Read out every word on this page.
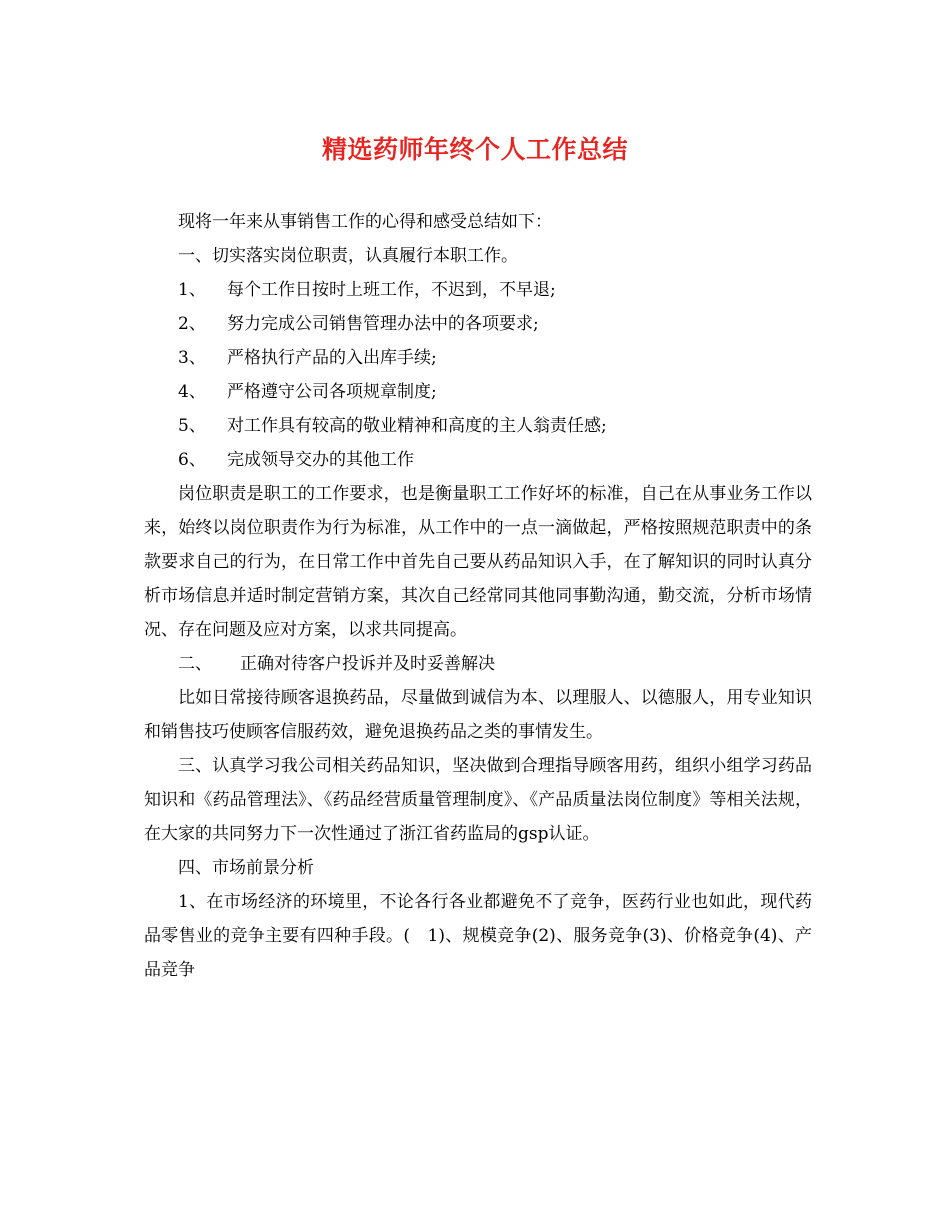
精选药师年终个人工作总结

现将一年来从事销售工作的心得和感受总结如下：

一、切实落实岗位职责，认真履行本职工作。

1、 每个工作日按时上班工作，不迟到，不早退;
2、 努力完成公司销售管理办法中的各项要求;
3、 严格执行产品的入出库手续;
4、 严格遵守公司各项规章制度;
5、 对工作具有较高的敬业精神和高度的主人翁责任感;
6、 完成领导交办的其他工作

岗位职责是职工的工作要求，也是衡量职工工作好坏的标准，自己在从事业务工作以来，始终以岗位职责作为行为标准，从工作中的一点一滴做起，严格按照规范职责中的条款要求自己的行为，在日常工作中首先自己要从药品知识入手，在了解知识的同时认真分析市场信息并适时制定营销方案，其次自己经常同其他同事勤沟通，勤交流，分析市场情况、存在问题及应对方案，以求共同提高。

二、 正确对待客户投诉并及时妥善解决

比如日常接待顾客退换药品，尽量做到诚信为本、以理服人、以德服人，用专业知识和销售技巧使顾客信服药效，避免退换药品之类的事情发生。

三、认真学习我公司相关药品知识，坚决做到合理指导顾客用药，组织小组学习药品知识和《药品管理法》、《药品经营质量管理制度》、《产品质量法岗位制度》等相关法规，在大家的共同努力下一次性通过了浙江省药监局的gsp认证。

四、市场前景分析

1、在市场经济的环境里，不论各行各业都避免不了竞争，医药行业也如此，现代药品零售业的竞争主要有四种手段。(　1)、规模竞争(2)、服务竞争(3)、价格竞争(4)、产品竞争
